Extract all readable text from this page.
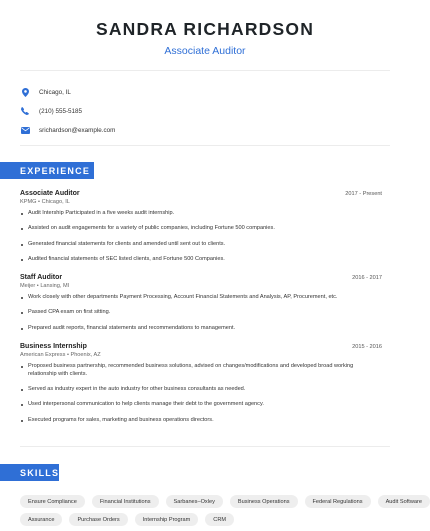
SANDRA RICHARDSON
Associate Auditor
Chicago, IL
(210) 555-5185
srichardson@example.com
EXPERIENCE
Associate Auditor	2017 - Present
KPMG • Chicago, IL
Audit Intership Participated in a five weeks audit internship.
Assisted on audit engagements for a variety of public companies, including Fortune 500 companies.
Generated financial statements for clients and amended until sent out to clients.
Audited financial statements of SEC listed clients, and Fortune 500 Companies.
Staff Auditor	2016 - 2017
Meijer • Lansing, MI
Work closely with other departments Payment Processing, Account Financial Statements and Analysis, AP, Procurement, etc.
Passed CPA exam on first sitting.
Prepared audit reports, financial statements and recommendations to management.
Business Internship	2015 - 2016
American Express • Phoenix, AZ
Proposed business partnership, recommended business solutions, advised on changes/modifications and developed broad working relationship with clients.
Served as industry expert in the auto industry for other business consultants as needed.
Used interpersonal communication to help clients manage their debt to the government agency.
Executed programs for sales, marketing and business operations directors.
SKILLS
Ensure Compliance	Financial Institutions	Sarbanes–Oxley	Business Operations	Federal Regulations	Audit Software
Assurance	Purchase Orders	Internship Program	CRM
